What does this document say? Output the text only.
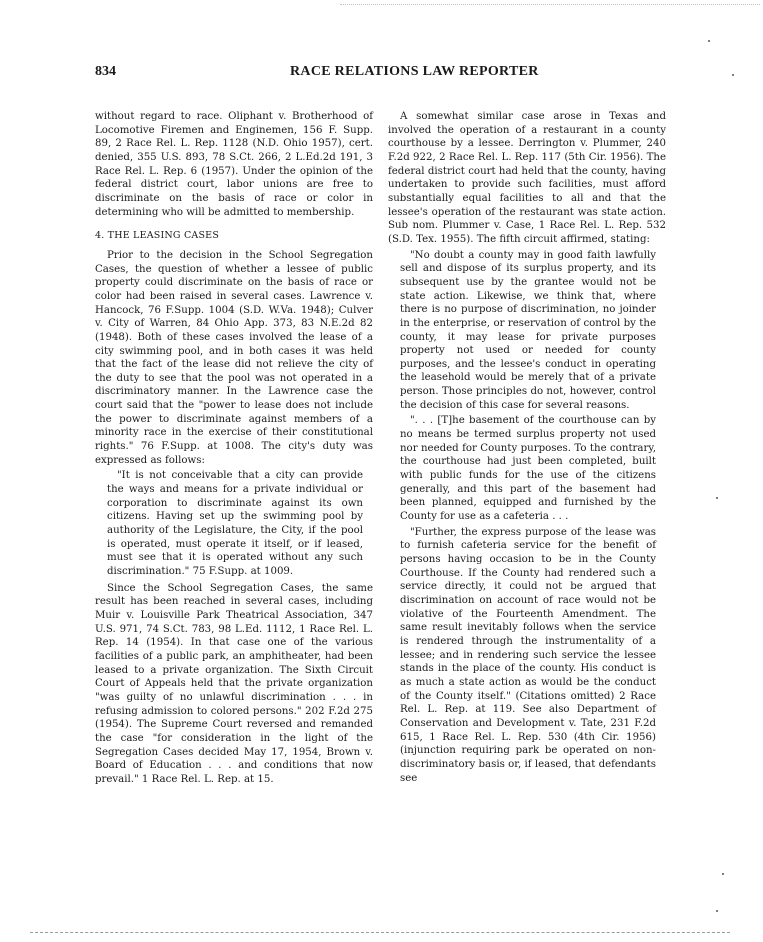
834	RACE RELATIONS LAW REPORTER

without regard to race. Oliphant v. Brotherhood of Locomotive Firemen and Enginemen, 156 F. Supp. 89, 2 Race Rel. L. Rep. 1128 (N.D. Ohio 1957), cert. denied, 355 U.S. 893, 78 S.Ct. 266, 2 L.Ed.2d 191, 3 Race Rel. L. Rep. 6 (1957). Under the opinion of the federal district court, labor unions are free to discriminate on the basis of race or color in determining who will be admitted to membership.

4. THE LEASING CASES

Prior to the decision in the School Segregation Cases, the question of whether a lessee of public property could discriminate on the basis of race or color had been raised in several cases. Lawrence v. Hancock, 76 F.Supp. 1004 (S.D. W.Va. 1948); Culver v. City of Warren, 84 Ohio App. 373, 83 N.E.2d 82 (1948). Both of these cases involved the lease of a city swimming pool, and in both cases it was held that the fact of the lease did not relieve the city of the duty to see that the pool was not operated in a discriminatory manner. In the Lawrence case the court said that the "power to lease does not include the power to discriminate against members of a minority race in the exercise of their constitutional rights." 76 F.Supp. at 1008. The city's duty was expressed as follows:

"It is not conceivable that a city can provide the ways and means for a private individual or corporation to discriminate against its own citizens. Having set up the swimming pool by authority of the Legislature, the City, if the pool is operated, must operate it itself, or if leased, must see that it is operated without any such discrimination." 75 F.Supp. at 1009.

Since the School Segregation Cases, the same result has been reached in several cases, including Muir v. Louisville Park Theatrical Association, 347 U.S. 971, 74 S.Ct. 783, 98 L.Ed. 1112, 1 Race Rel. L. Rep. 14 (1954). In that case one of the various facilities of a public park, an amphitheater, had been leased to a private organization. The Sixth Circuit Court of Appeals held that the private organization "was guilty of no unlawful discrimination . . . in refusing admission to colored persons." 202 F.2d 275 (1954). The Supreme Court reversed and remanded the case "for consideration in the light of the Segregation Cases decided May 17, 1954, Brown v. Board of Education . . . and conditions that now prevail." 1 Race Rel. L. Rep. at 15.

A somewhat similar case arose in Texas and involved the operation of a restaurant in a county courthouse by a lessee. Derrington v. Plummer, 240 F.2d 922, 2 Race Rel. L. Rep. 117 (5th Cir. 1956). The federal district court had held that the county, having undertaken to provide such facilities, must afford substantially equal facilities to all and that the lessee's operation of the restaurant was state action. Sub nom. Plummer v. Case, 1 Race Rel. L. Rep. 532 (S.D. Tex. 1955). The fifth circuit affirmed, stating:

"No doubt a county may in good faith lawfully sell and dispose of its surplus property, and its subsequent use by the grantee would not be state action. Likewise, we think that, where there is no purpose of discrimination, no joinder in the enterprise, or reservation of control by the county, it may lease for private purposes property not used or needed for county purposes, and the lessee's conduct in operating the leasehold would be merely that of a private person. Those principles do not, however, control the decision of this case for several reasons.

". . . [T]he basement of the courthouse can by no means be termed surplus property not used nor needed for County purposes. To the contrary, the courthouse had just been completed, built with public funds for the use of the citizens generally, and this part of the basement had been planned, equipped and furnished by the County for use as a cafeteria . . .

"Further, the express purpose of the lease was to furnish cafeteria service for the benefit of persons having occasion to be in the County Courthouse. If the County had rendered such a service directly, it could not be argued that discrimination on account of race would not be violative of the Fourteenth Amendment. The same result inevitably follows when the service is rendered through the instrumentality of a lessee; and in rendering such service the lessee stands in the place of the county. His conduct is as much a state action as would be the conduct of the County itself." (Citations omitted) 2 Race Rel. L. Rep. at 119. See also Department of Conservation and Development v. Tate, 231 F.2d 615, 1 Race Rel. L. Rep. 530 (4th Cir. 1956) (injunction requiring park be operated on non-discriminatory basis or, if leased, that defendants see
